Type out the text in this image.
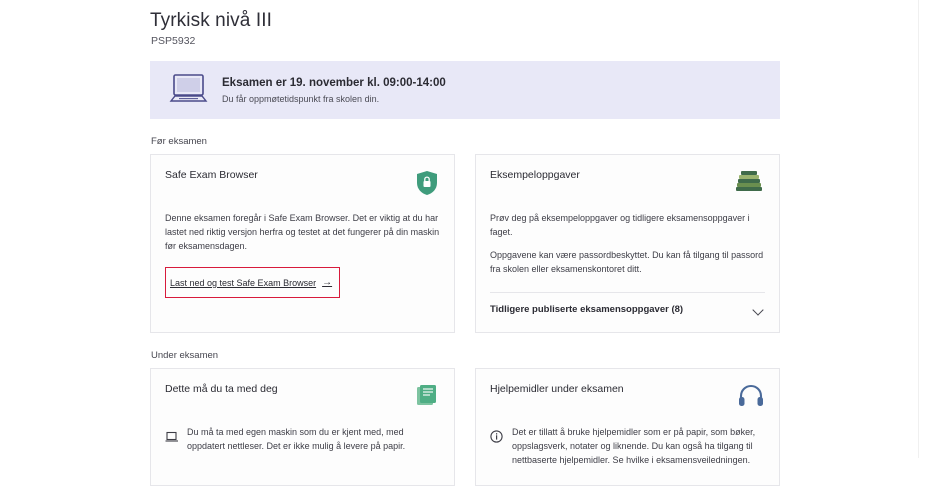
Tyrkisk nivå III
PSP5932
Eksamen er 19. november kl. 09:00-14:00
Du får oppmøtetidspunkt fra skolen din.
Før eksamen
Safe Exam Browser

Denne eksamen foregår i Safe Exam Browser. Det er viktig at du har lastet ned riktig versjon herfra og testet at det fungerer på din maskin før eksamensdagen.

Last ned og test Safe Exam Browser →
Eksempeloppgaver

Prøv deg på eksempeloppgaver og tidligere eksamensoppgaver i faget.

Oppgavene kan være passordbeskyttet. Du kan få tilgang til passord fra skolen eller eksamenskontoret ditt.

Tidligere publiserte eksamensoppgaver (8)
Under eksamen
Dette må du ta med deg
Du må ta med egen maskin som du er kjent med, med oppdatert nettleser. Det er ikke mulig å levere på papir.
Hjelpemidler under eksamen
Det er tillatt å bruke hjelpemidler som er på papir, som bøker, oppslagsverk, notater og liknende. Du kan også ha tilgang til nettbaserte hjelpemidler. Se hvilke i eksamensveiledningen.
